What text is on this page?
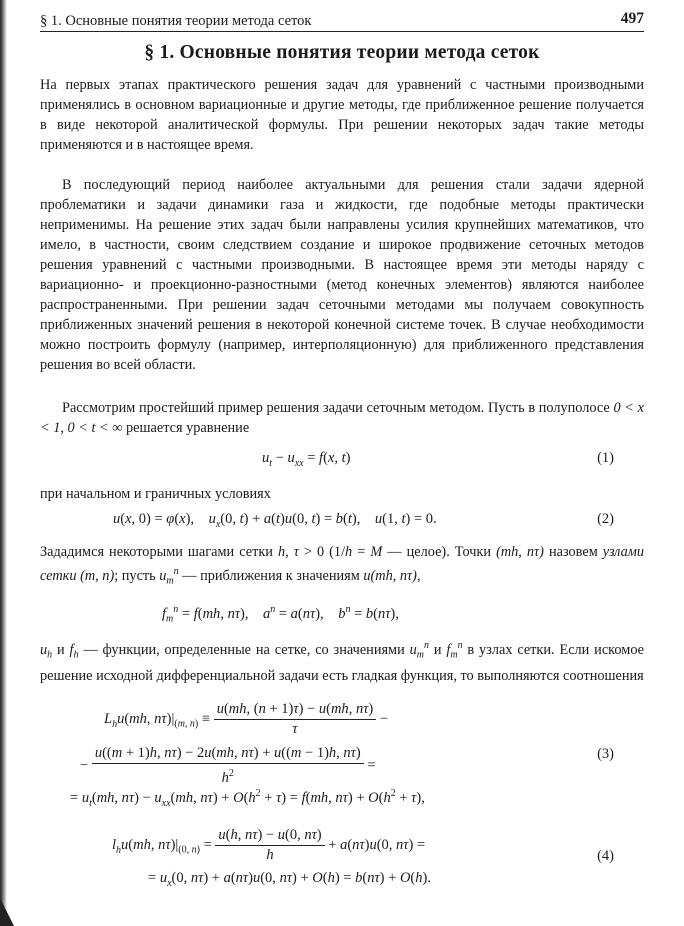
§ 1. Основные понятия теории метода сеток	497
§ 1. Основные понятия теории метода сеток

На первых этапах практического решения задач для уравнений с частными производными применялись в основном вариационные и другие методы, где приближенное решение получается в виде некоторой аналитической формулы. При решении некоторых задач такие методы применяются и в настоящее время.

В последующий период наиболее актуальными для решения стали задачи ядерной проблематики и задачи динамики газа и жидкости, где подобные методы практически неприменимы. На решение этих задач были направлены усилия крупнейших математиков, что имело, в частности, своим следствием создание и широкое продвижение сеточных методов решения уравнений с частными производными. В настоящее время эти методы наряду с вариационно- и проекционно-разностными (метод конечных элементов) являются наиболее распространенными. При решении задач сеточными методами мы получаем совокупность приближенных значений решения в некоторой конечной системе точек. В случае необходимости можно построить формулу (например, интерполяционную) для приближенного представления решения во всей области.

Рассмотрим простейший пример решения задачи сеточным методом. Пусть в полуполосе 0 < x < 1, 0 < t < ∞ решается уравнение

$u_t - u_{xx} = f(x$, t)	(1)

при начальном и граничных условиях

u(x, 0) = φ(x),    $u_x(0$, t) + a(t)u(0, t) = b(t),    u(1, t) = 0.	(2)

Зададимся некоторыми шагами сетки h, τ > 0 (1/h = M — целое). Точки (mh, nτ) назовем узлами сетки (m, n); пусть $u_m^n$ — приближения к значениям u(mh, nτ),

$f_m^n = f(mh$, nτ),    $a^n = a(n\tau)$,    $b^n = b(n\tau)$,

$u_h$ и $f_h$ — функции, определенные на сетке, со значениями $u_m^n$ и $f_m^n$ в узлах сетки. Если искомое решение исходной дифференциальной задачи есть гладкая функция, то выполняются соотношения

$L_hu(mh$, $n\tau)|_{(m, n)} \equiv \frac{u(mh, (n + 1)\tau) - u(mh, n\tau)}{\tau}$ −
− $\frac{u((m + 1)h, n\tau) - 2u(mh, n\tau) + u((m - 1)h, n\tau)}{h^2}$ =
(3)
= $u_t(mh$, $n\tau) - u_{xx}(mh$, $n\tau) + O(h^2 + \tau) = f(mh$, $n\tau) + O(h^2 + \tau)$,
$l_hu(mh$, $n\tau)|_{(0, n)} = \frac{u(h, n\tau) - u(0, n\tau)}{h} + a(n\tau)u(0$, nτ) =
(4)
= $u_x(0$, nτ) + a(nτ)u(0, nτ) + O(h) = b(nτ) + O(h).
